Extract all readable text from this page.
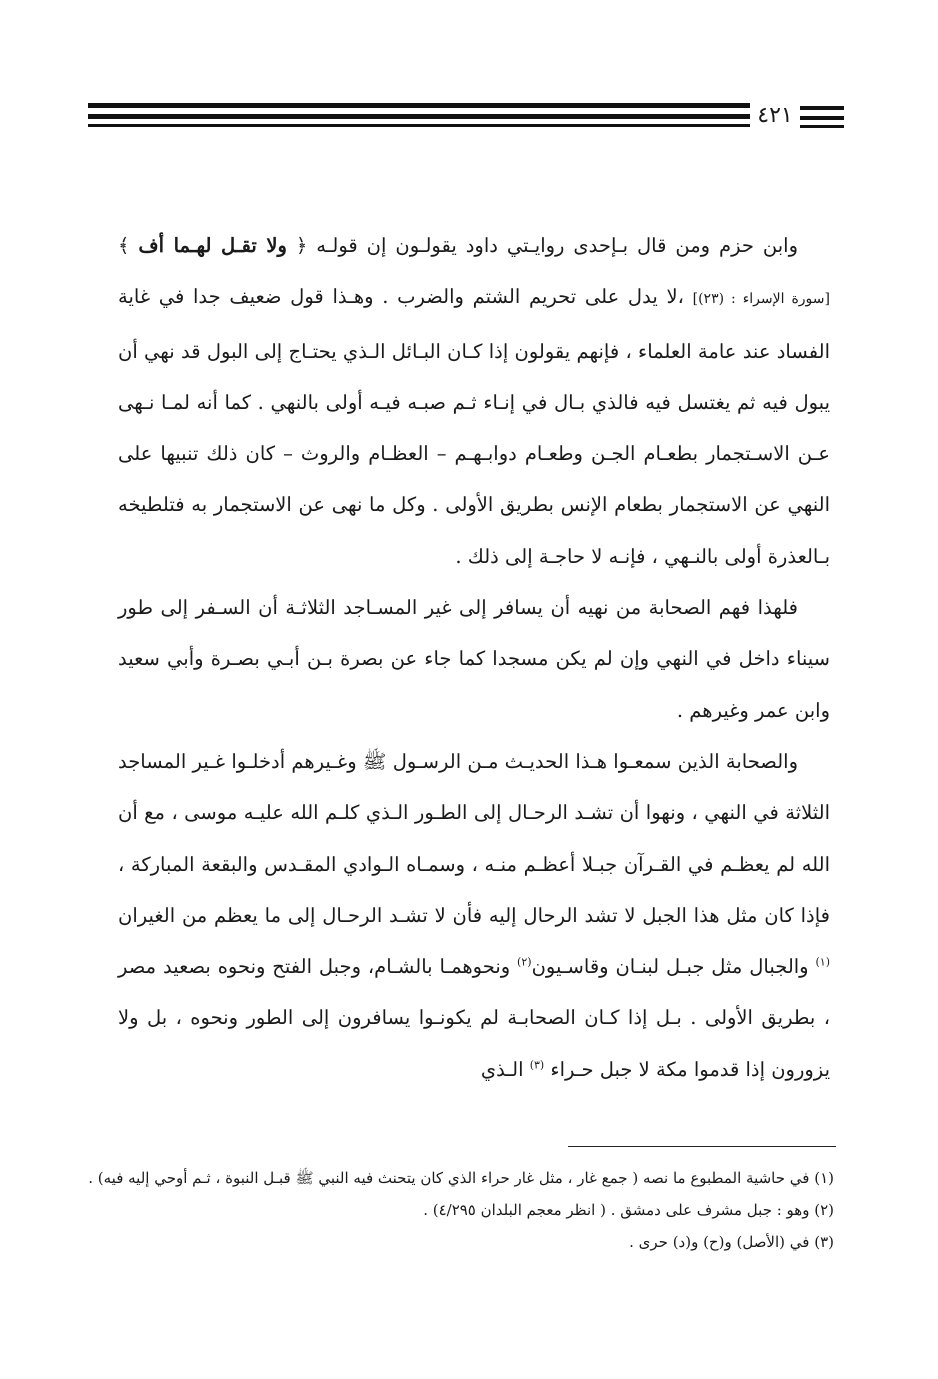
٤٢١

وابن حزم ومن قال بـإحدى روايـتي داود يقولـون إن قولـه ﴿ ولا تقـل لهـما أف ﴾ [سورة الإسراء : (٢٣)] ،لا يدل على تحريم الشتم والضرب . وهـذا قول ضعيف جدا في غاية الفساد عند عامة العلماء ، فإنهم يقولون إذا كـان البـائل الـذي يحتـاج إلى البول قد نهي أن يبول فيه ثم يغتسل فيه فالذي بـال في إنـاء ثـم صبـه فيـه أولى بالنهي . كما أنه لمـا نـهى عـن الاسـتجمار بطعـام الجـن وطعـام دوابـهـم – العظـام والروث – كان ذلك تنبيها على النهي عن الاستجمار بطعام الإنس بطريق الأولى . وكل ما نهى عن الاستجمار به فتلطيخه بـالعذرة أولى بالنـهي ، فإنـه لا حاجـة إلى ذلك .

فلهذا فهم الصحابة من نهيه أن يسافر إلى غير المسـاجد الثلاثـة أن السـفر إلى طور سيناء داخل في النهي وإن لم يكن مسجدا كما جاء عن بصرة بـن أبـي بصـرة وأبي سعيد وابن عمر وغيرهم .

والصحابة الذين سمعـوا هـذا الحديـث مـن الرسـول ﷺ وغـيرهم أدخلـوا غـير المساجد الثلاثة في النهي ، ونهوا أن تشـد الرحـال إلى الطـور الـذي كلـم الله عليـه موسى ، مع أن الله لم يعظـم في القـرآن جبـلا أعظـم منـه ، وسمـاه الـوادي المقـدس والبقعة المباركة ، فإذا كان مثل هذا الجبل لا تشد الرحال إليه فأن لا تشـد الرحـال إلى ما يعظم من الغيران $^{(١)}$ والجبال مثل جبـل لبنـان وقاسـيون$^{(٢)}$ ونحوهمـا بالشـام، وجبل الفتح ونحوه بصعيد مصر ، بطريق الأولى . بـل إذا كـان الصحابـة لم يكونـوا يسافرون إلى الطور ونحوه ، بل ولا يزورون إذا قدموا مكة لا جبل حـراء $^{(٣)}$ الـذي

(١) في حاشية المطبوع ما نصه ( جمع غار ، مثل غار حراء الذي كان يتحنث فيه النبي ﷺ قبـل النبوة ، ثـم أوحي إليه فيه) .

(٢) وهو : جبل مشرف على دمشق . ( انظر معجم البلدان ٤/٢٩٥) .

(٣) في (الأصل) و(ح) و(د) حرى .
